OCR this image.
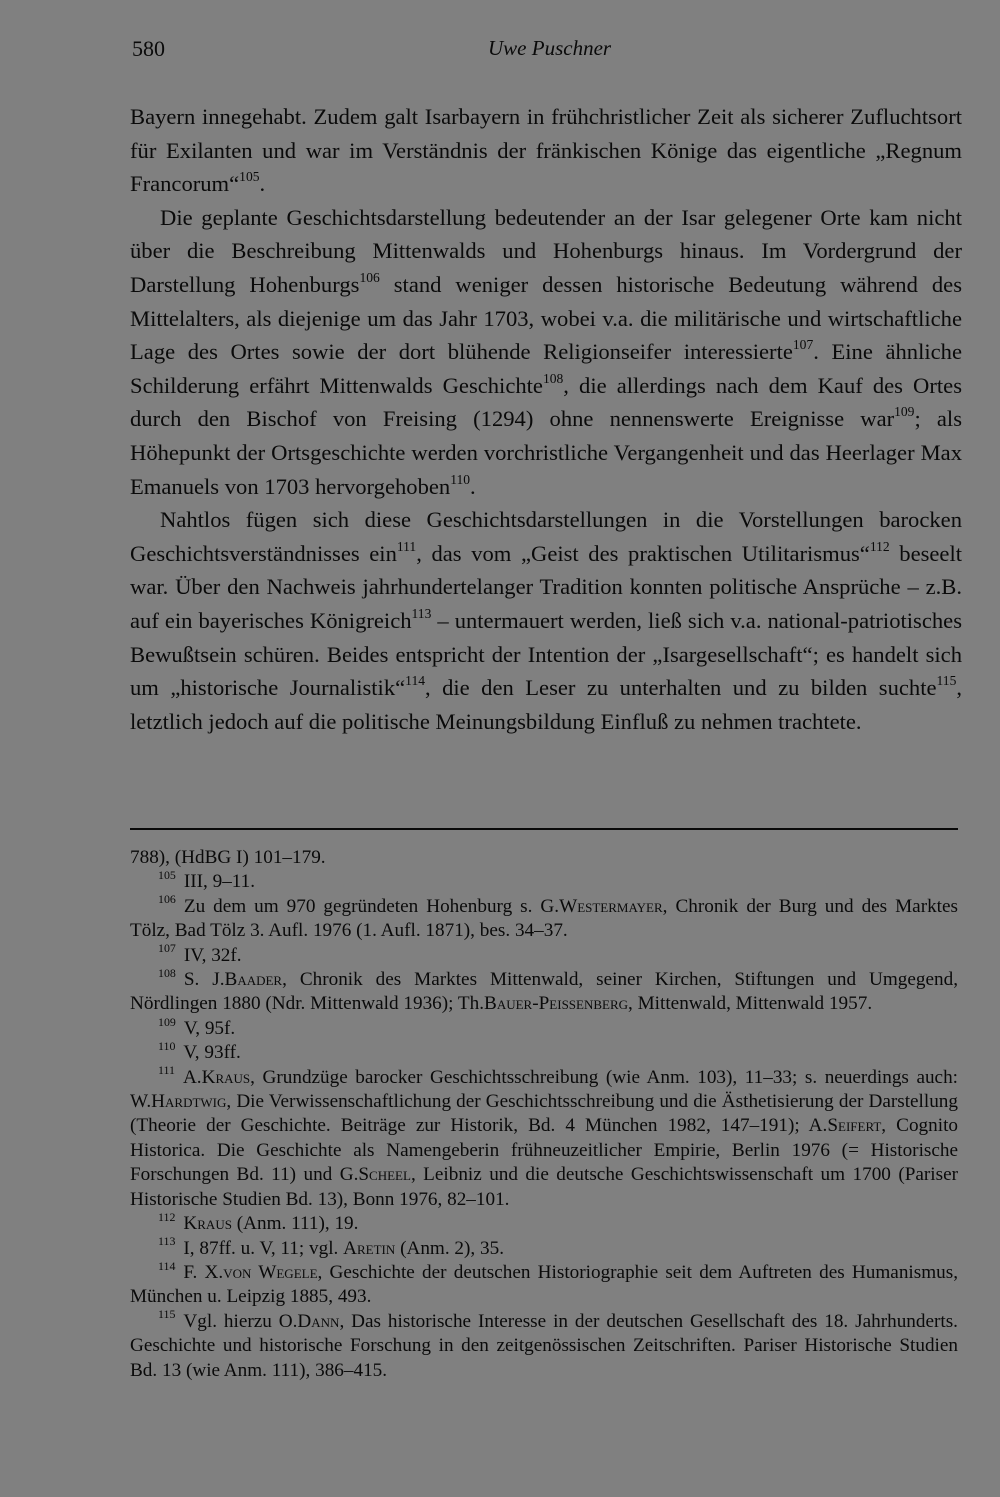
580	Uwe Puschner

Bayern innegehabt. Zudem galt Isarbayern in frühchristlicher Zeit als sicherer Zufluchtsort für Exilanten und war im Verständnis der fränkischen Könige das eigentliche „Regnum Francorum“$^{105}$.

Die geplante Geschichtsdarstellung bedeutender an der Isar gelegener Orte kam nicht über die Beschreibung Mittenwalds und Hohenburgs hinaus. Im Vordergrund der Darstellung Hohenburgs$^{106}$ stand weniger dessen historische Bedeutung während des Mittelalters, als diejenige um das Jahr 1703, wobei v.a. die militärische und wirtschaftliche Lage des Ortes sowie der dort blühende Religionseifer interessierte$^{107}$. Eine ähnliche Schilderung erfährt Mittenwalds Geschichte$^{108}$, die allerdings nach dem Kauf des Ortes durch den Bischof von Freising (1294) ohne nennenswerte Ereignisse war$^{109}$; als Höhepunkt der Ortsgeschichte werden vorchristliche Vergangenheit und das Heerlager Max Emanuels von 1703 hervorgehoben$^{110}$.

Nahtlos fügen sich diese Geschichtsdarstellungen in die Vorstellungen barocken Geschichtsverständnisses ein$^{111}$, das vom „Geist des praktischen Utilitarismus“$^{112}$ beseelt war. Über den Nachweis jahrhundertelanger Tradition konnten politische Ansprüche – z.B. auf ein bayerisches Königreich$^{113}$ – untermauert werden, ließ sich v.a. national-patriotisches Bewußtsein schüren. Beides entspricht der Intention der „Isargesellschaft“; es handelt sich um „historische Journalistik“$^{114}$, die den Leser zu unterhalten und zu bilden suchte$^{115}$, letztlich jedoch auf die politische Meinungsbildung Einfluß zu nehmen trachtete.

788), (HdBG I) 101–179.

$^{105}$ III, 9–11.

$^{106}$ Zu dem um 970 gegründeten Hohenburg s. G.Westermayer, Chronik der Burg und des Marktes Tölz, Bad Tölz 3. Aufl. 1976 (1. Aufl. 1871), bes. 34–37.

$^{107}$ IV, 32f.

$^{108}$ S. J.Baader, Chronik des Marktes Mittenwald, seiner Kirchen, Stiftungen und Umgegend, Nördlingen 1880 (Ndr. Mittenwald 1936); Th.Bauer-Peissenberg, Mittenwald, Mittenwald 1957.

$^{109}$ V, 95f.

$^{110}$ V, 93ff.

$^{111}$ A.Kraus, Grundzüge barocker Geschichtsschreibung (wie Anm. 103), 11–33; s. neuerdings auch: W.Hardtwig, Die Verwissenschaftlichung der Geschichtsschreibung und die Ästhetisierung der Darstellung (Theorie der Geschichte. Beiträge zur Historik, Bd. 4 München 1982, 147–191); A.Seifert, Cognito Historica. Die Geschichte als Namengeberin frühneuzeitlicher Empirie, Berlin 1976 (= Historische Forschungen Bd. 11) und G.Scheel, Leibniz und die deutsche Geschichtswissenschaft um 1700 (Pariser Historische Studien Bd. 13), Bonn 1976, 82–101.

$^{112}$ Kraus (Anm. 111), 19.

$^{113}$ I, 87ff. u. V, 11; vgl. Aretin (Anm. 2), 35.

$^{114}$ F. X.von Wegele, Geschichte der deutschen Historiographie seit dem Auftreten des Humanismus, München u. Leipzig 1885, 493.

$^{115}$ Vgl. hierzu O.Dann, Das historische Interesse in der deutschen Gesellschaft des 18. Jahrhunderts. Geschichte und historische Forschung in den zeitgenössischen Zeitschriften. Pariser Historische Studien Bd. 13 (wie Anm. 111), 386–415.
